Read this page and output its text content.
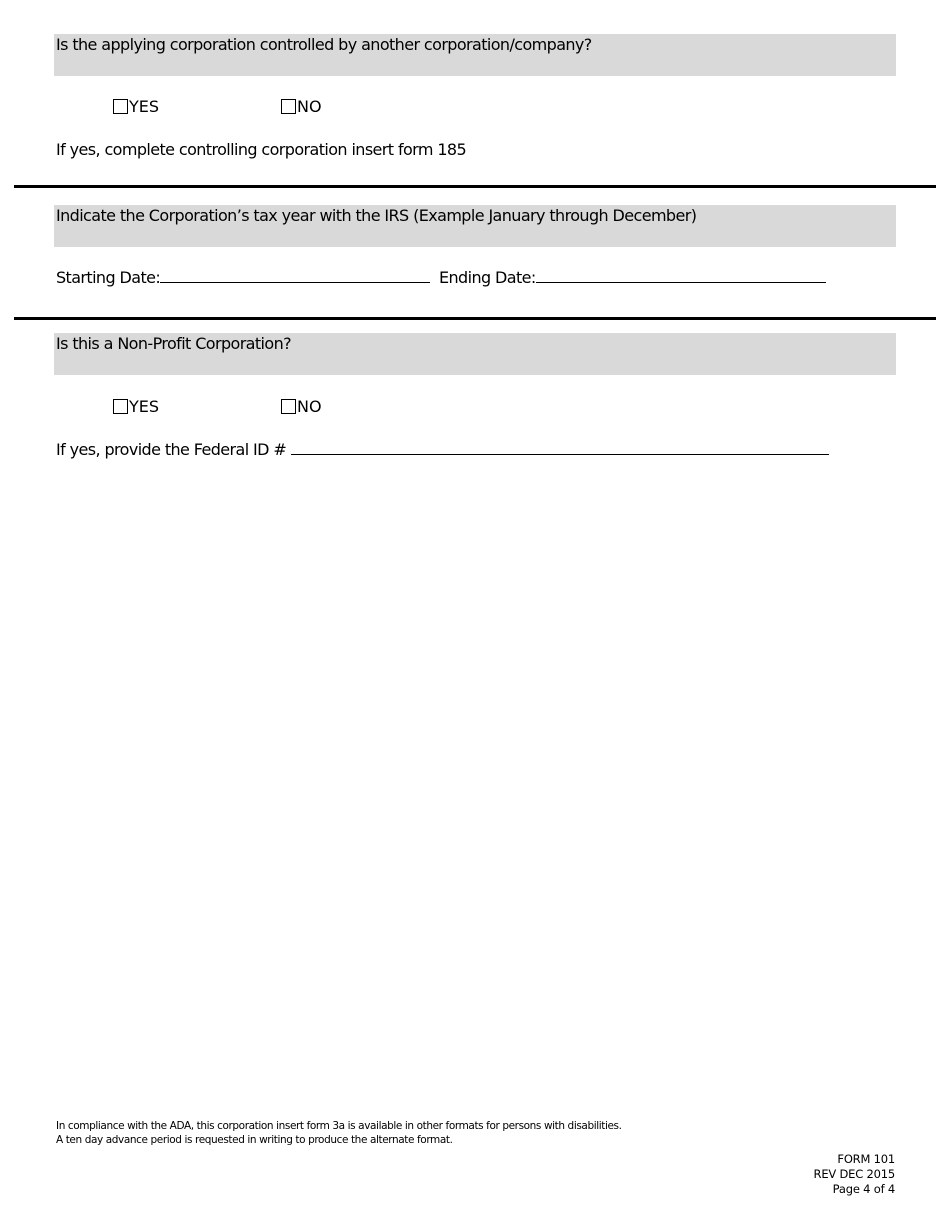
Is the applying corporation controlled by another corporation/company?
YES	NO
If yes, complete controlling corporation insert form 185
Indicate the Corporation’s tax year with the IRS (Example January through December)
Starting Date:	Ending Date:
Is this a Non-Profit Corporation?
YES	NO
If yes, provide the Federal ID #
In compliance with the ADA, this corporation insert form 3a is available in other formats for persons with disabilities.
A ten day advance period is requested in writing to produce the alternate format.
FORM 101
REV DEC 2015
Page 4 of 4
